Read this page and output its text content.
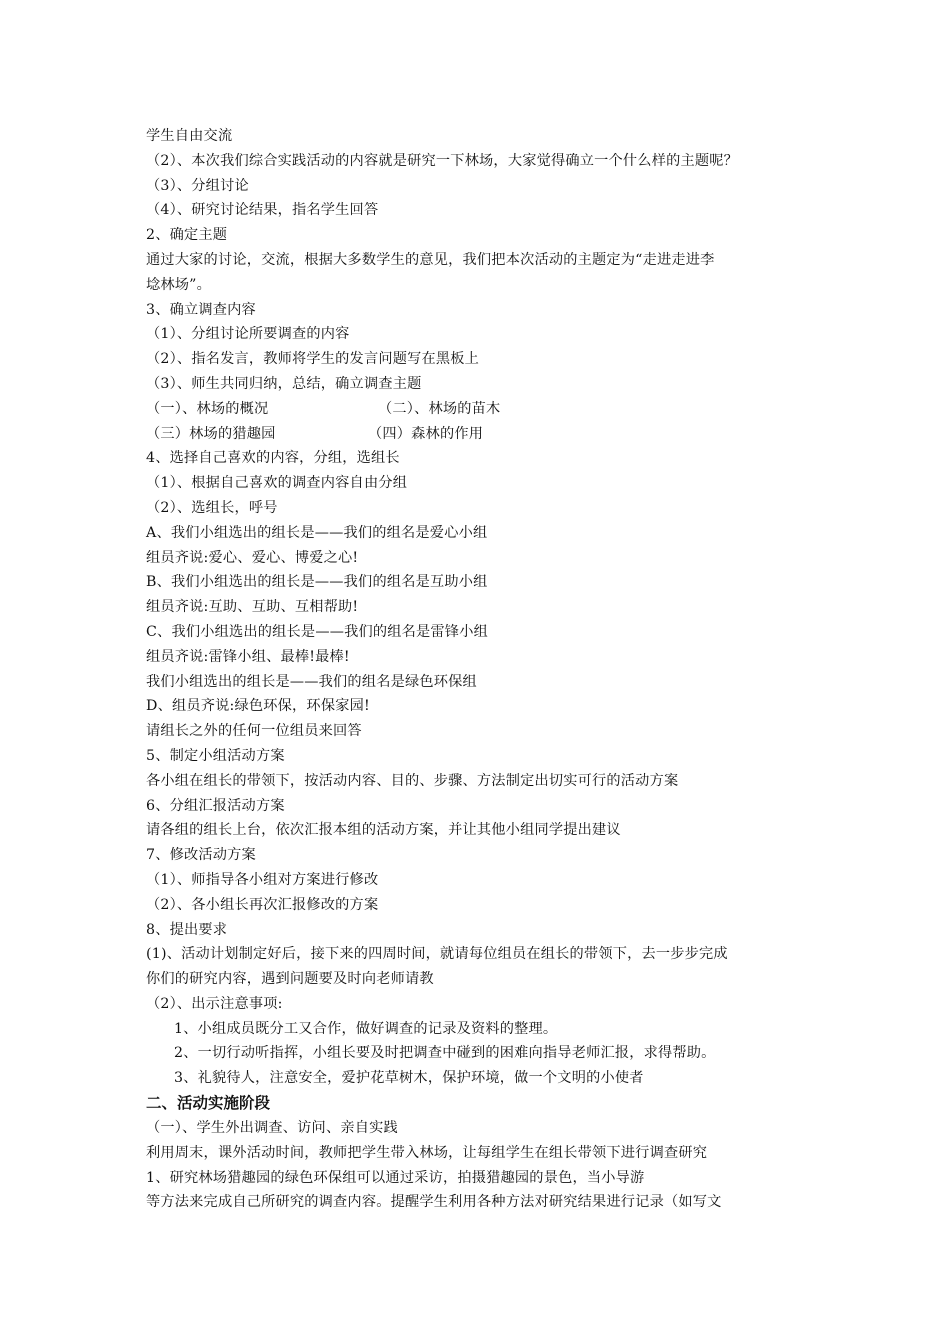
学生自由交流
（2）、本次我们综合实践活动的内容就是研究一下林场，大家觉得确立一个什么样的主题呢？
（3）、分组讨论
（4）、研究讨论结果，指名学生回答
2、确定主题
通过大家的讨论，交流，根据大多数学生的意见，我们把本次活动的主题定为“走进走进李
埝林场”。
3、确立调查内容
（1）、分组讨论所要调查的内容
（2）、指名发言，教师将学生的发言问题写在黑板上
（3）、师生共同归纳，总结，确立调查主题
（一）、林场的概况	（二）、林场的苗木
（三）林场的猎趣园	（四）森林的作用
4、选择自己喜欢的内容，分组，选组长
（1）、根据自己喜欢的调查内容自由分组
（2）、选组长，呼号
A、我们小组选出的组长是——我们的组名是爱心小组
组员齐说:爱心、爱心、博爱之心!
B、我们小组选出的组长是——我们的组名是互助小组
组员齐说:互助、互助、互相帮助!
C、我们小组选出的组长是——我们的组名是雷锋小组
组员齐说:雷锋小组、最棒!最棒!
我们小组选出的组长是——我们的组名是绿色环保组
D、组员齐说:绿色环保，环保家园!
请组长之外的任何一位组员来回答
5、制定小组活动方案
各小组在组长的带领下，按活动内容、目的、步骤、方法制定出切实可行的活动方案
6、分组汇报活动方案
请各组的组长上台，依次汇报本组的活动方案，并让其他小组同学提出建议
7、修改活动方案
（1）、师指导各小组对方案进行修改
（2）、各小组长再次汇报修改的方案
8、提出要求
(1)、活动计划制定好后，接下来的四周时间，就请每位组员在组长的带领下，去一步步完成
你们的研究内容，遇到问题要及时向老师请教
（2）、出示注意事项:
1、小组成员既分工又合作，做好调查的记录及资料的整理。
2、一切行动听指挥，小组长要及时把调查中碰到的困难向指导老师汇报，求得帮助。
3、礼貌待人，注意安全，爱护花草树木，保护环境，做一个文明的小使者
二、活动实施阶段
（一）、学生外出调查、访问、亲自实践
利用周末，课外活动时间，教师把学生带入林场，让每组学生在组长带领下进行调查研究
1、研究林场猎趣园的绿色环保组可以通过采访，拍摄猎趣园的景色，当小导游
等方法来完成自己所研究的调查内容。提醒学生利用各种方法对研究结果进行记录（如写文
